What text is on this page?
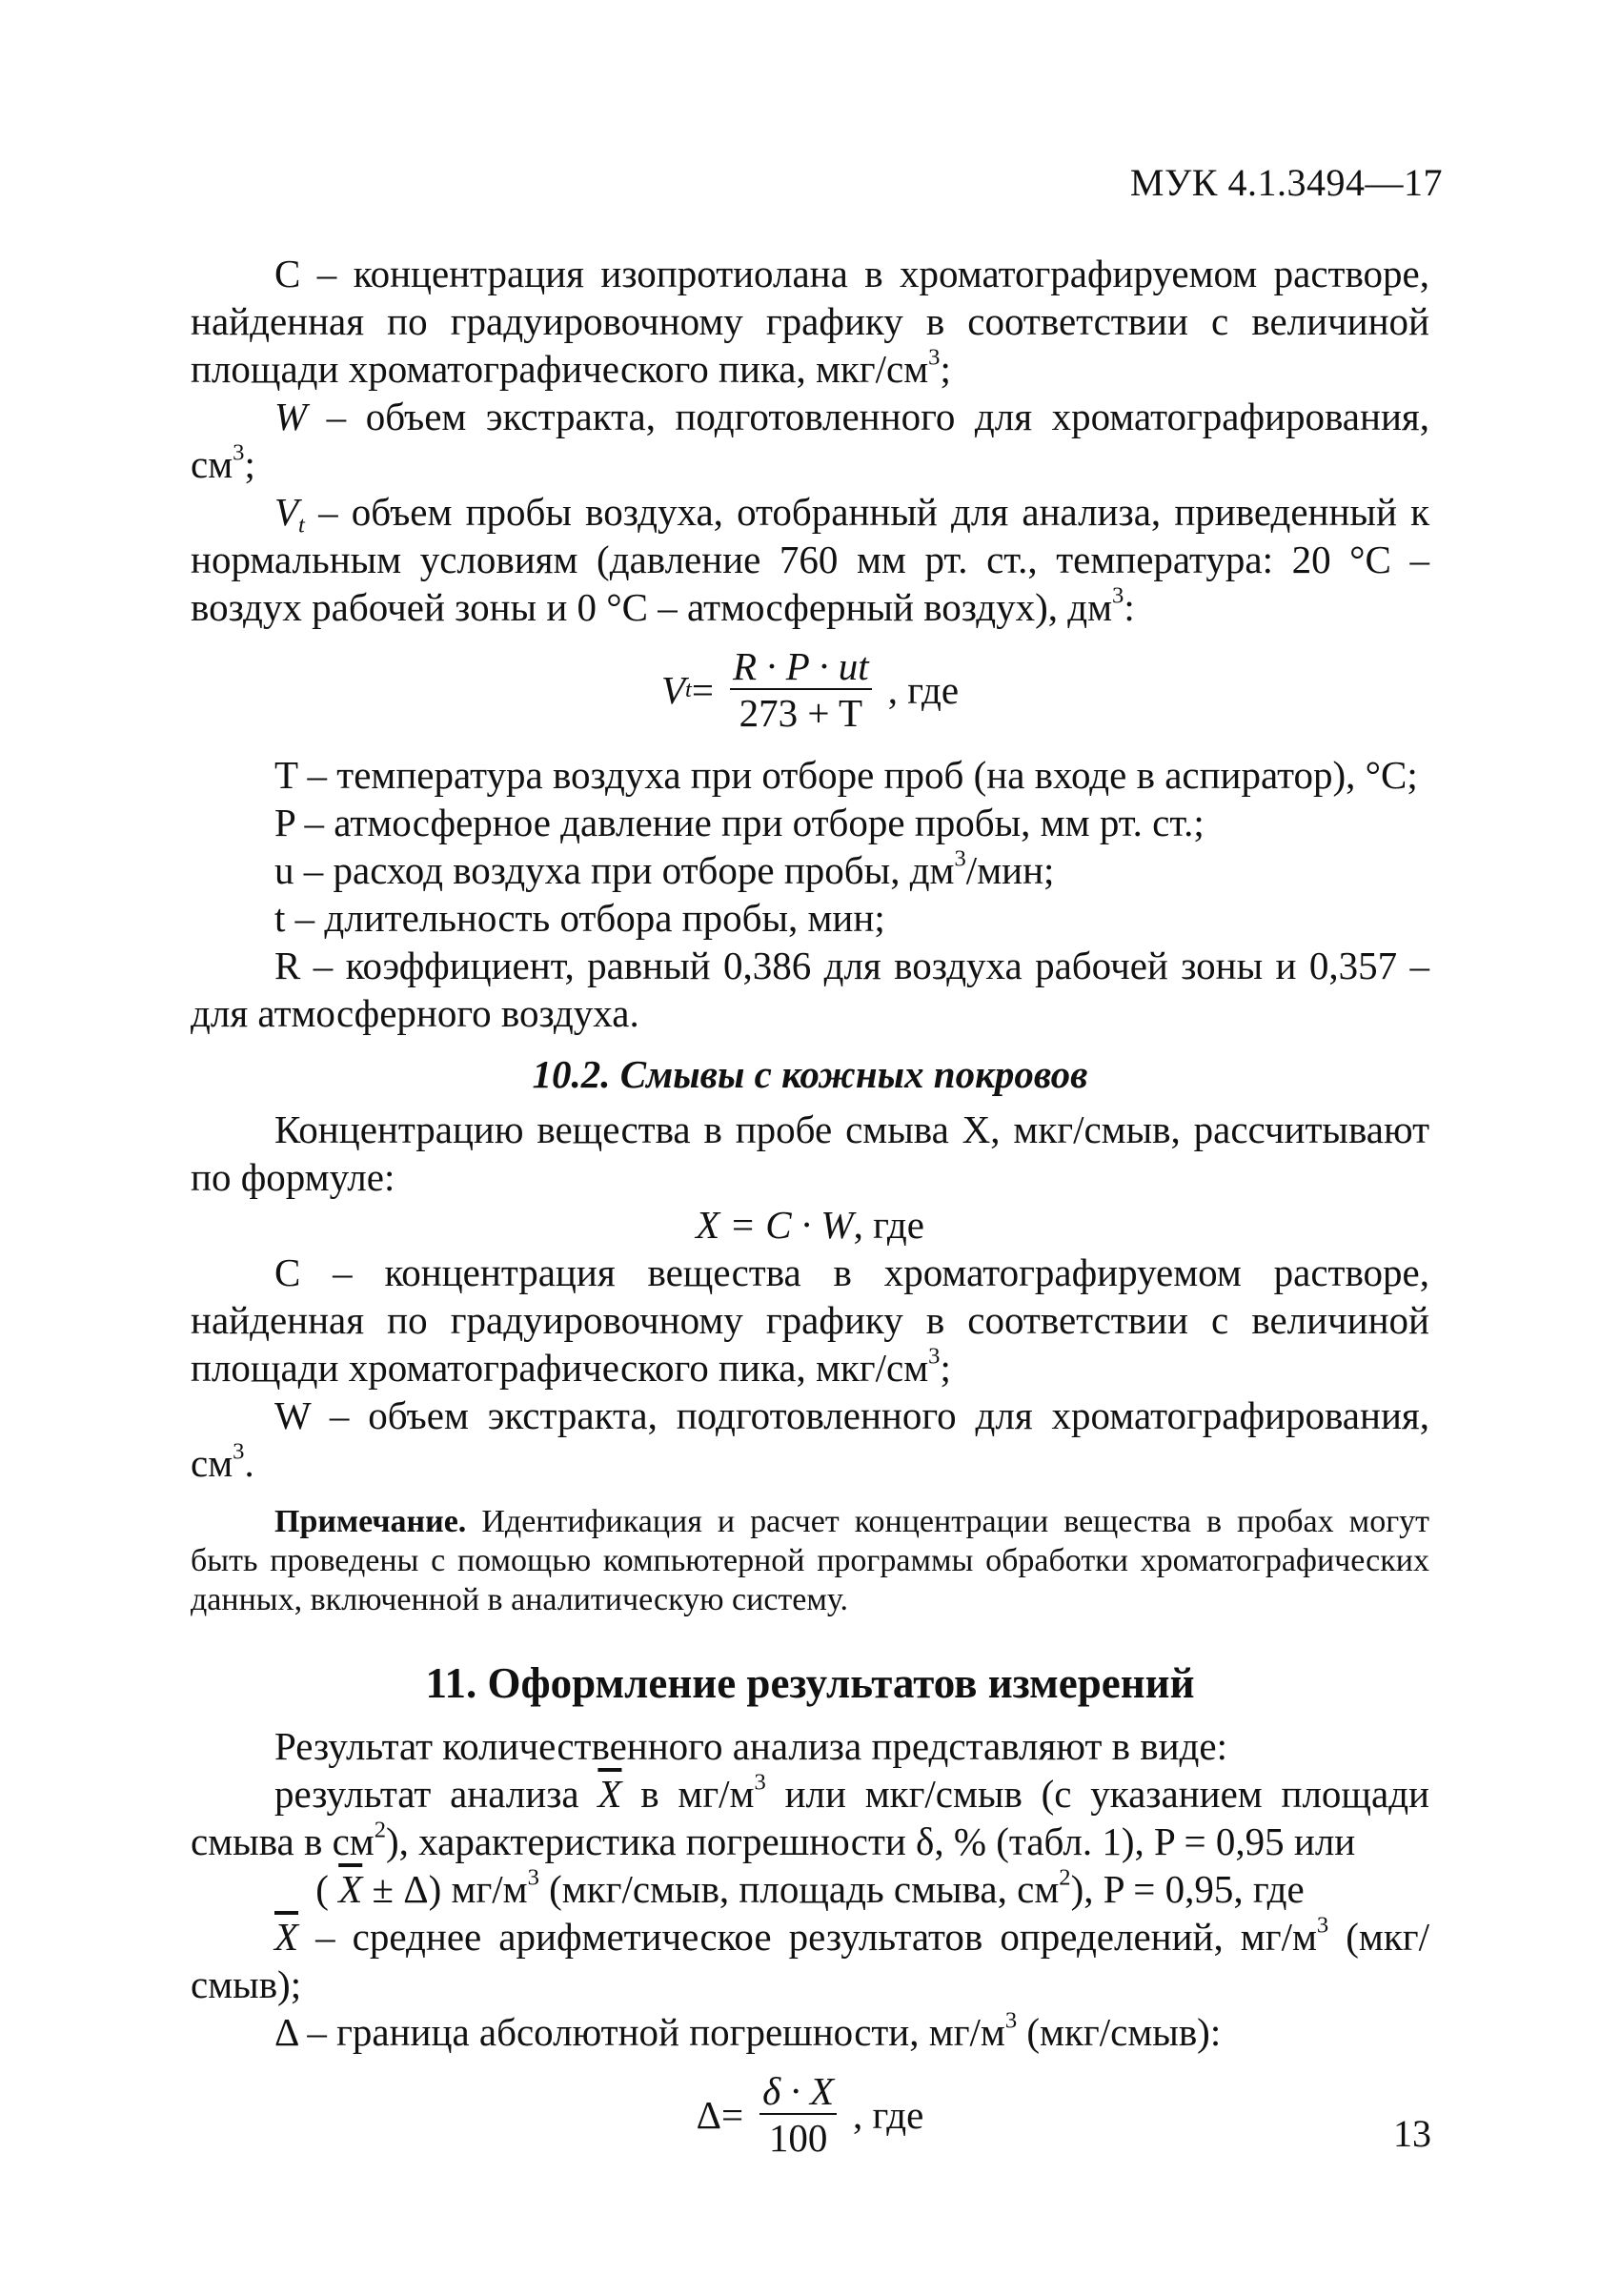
МУК 4.1.3494—17

С – концентрация изопротиолана в хроматографируемом растворе, найденная по градуировочному графику в соответствии с величиной площади хроматографического пика, мкг/$см^3$;

W – объем экстракта, подготовленного для хроматографирования, $см^3$;

$V_t$ – объем пробы воздуха, отобранный для анализа, приведенный к нормальным условиям (давление 760 мм рт. ст., температура: 20 °С – воздух рабочей зоны и 0 °С – атмосферный воздух), $дм^3$:

V $t = \frac{R \cdot P \cdot ut}{273 + T}$ , где

T – температура воздуха при отборе проб (на входе в аспиратор), °С;

P – атмосферное давление при отборе пробы, мм рт. ст.;

u – расход воздуха при отборе пробы, $дм^3$/мин;

t – длительность отбора пробы, мин;

R – коэффициент, равный 0,386 для воздуха рабочей зоны и 0,357 – для атмосферного воздуха.

10.2. Смывы с кожных покровов

Концентрацию вещества в пробе смыва Х, мкг/смыв, рассчитывают по формуле:

X = C · W, где

С – концентрация вещества в хроматографируемом растворе, найденная по градуировочному графику в соответствии с величиной площади хроматографического пика, мкг/$см^3$;

W – объем экстракта, подготовленного для хроматографирования, $см^3$.

Примечание. Идентификация и расчет концентрации вещества в пробах могут быть проведены с помощью компьютерной программы обработки хроматографических данных, включенной в аналитическую систему.

11. Оформление результатов измерений

Результат количественного анализа представляют в виде:

результат анализа $\overline{X}$ в $мг/м^3$ или мкг/смыв (с указанием площади смыва в $см^2$), характеристика погрешности δ, % (табл. 1), P = 0,95 или

( $\overline{X} \pm \Delta$) $мг/м^3$ (мкг/смыв, площадь смыва, $см^2$), P = 0,95, где

$\overline{X}$ – среднее арифметическое результатов определений, $мг/м^3$ (мкг/смыв);

Δ – граница абсолютной погрешности, $мг/м^3$ (мкг/смыв):

$\Delta = \frac{\delta \cdot X}{100}$ , где	13
